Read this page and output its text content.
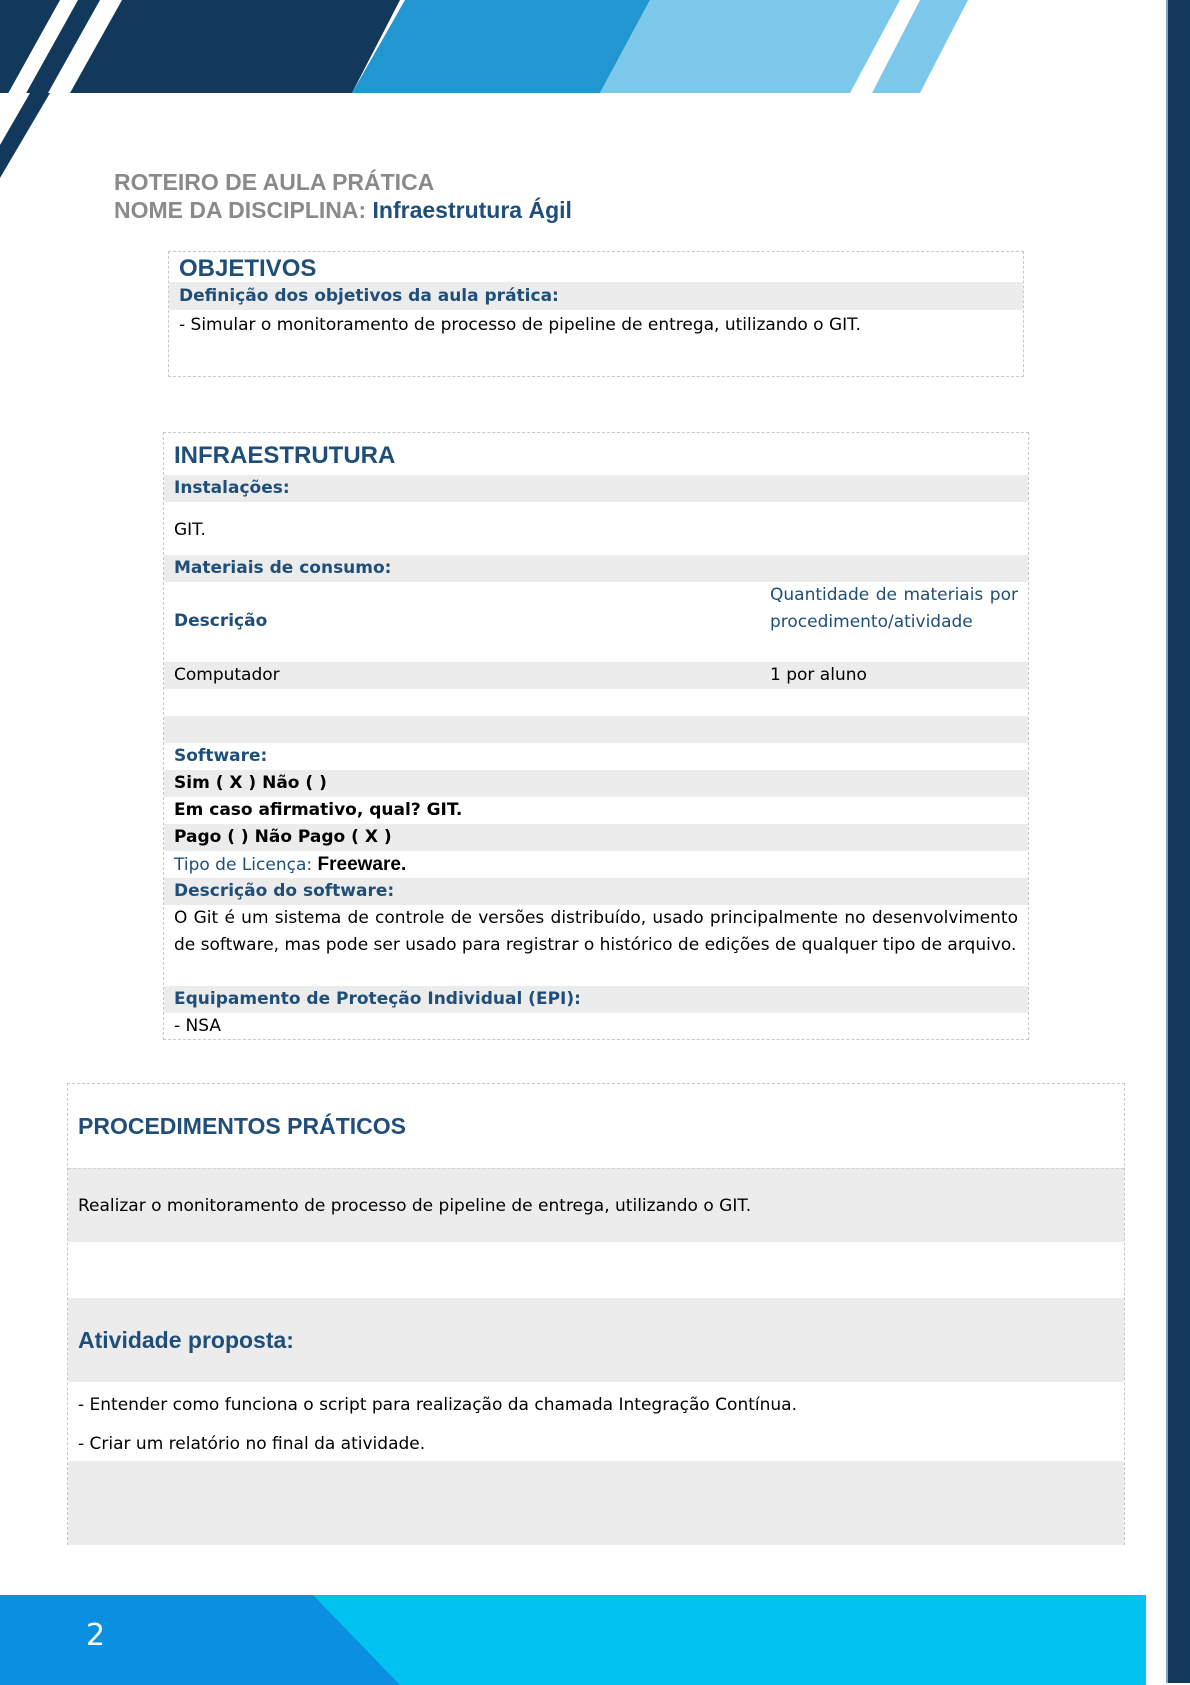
ROTEIRO DE AULA PRÁTICA
NOME DA DISCIPLINA: Infraestrutura Ágil
OBJETIVOS
Definição dos objetivos da aula prática:
- Simular o monitoramento de processo de pipeline de entrega, utilizando o GIT.
INFRAESTRUTURA
Instalações:
GIT.
Materiais de consumo:
Descrição
Quantidade de materiais por procedimento/atividade
Computador	1 por aluno
Software:
Sim ( X ) Não ( )
Em caso afirmativo, qual? GIT.
Pago ( ) Não Pago ( X )
Tipo de Licença: Freeware.
Descrição do software:
O Git é um sistema de controle de versões distribuído, usado principalmente no desenvolvimento de software, mas pode ser usado para registrar o histórico de edições de qualquer tipo de arquivo.
Equipamento de Proteção Individual (EPI):
- NSA
PROCEDIMENTOS PRÁTICOS
Realizar o monitoramento de processo de pipeline de entrega, utilizando o GIT.
Atividade proposta:
- Entender como funciona o script para realização da chamada Integração Contínua.
- Criar um relatório no final da atividade.
2
